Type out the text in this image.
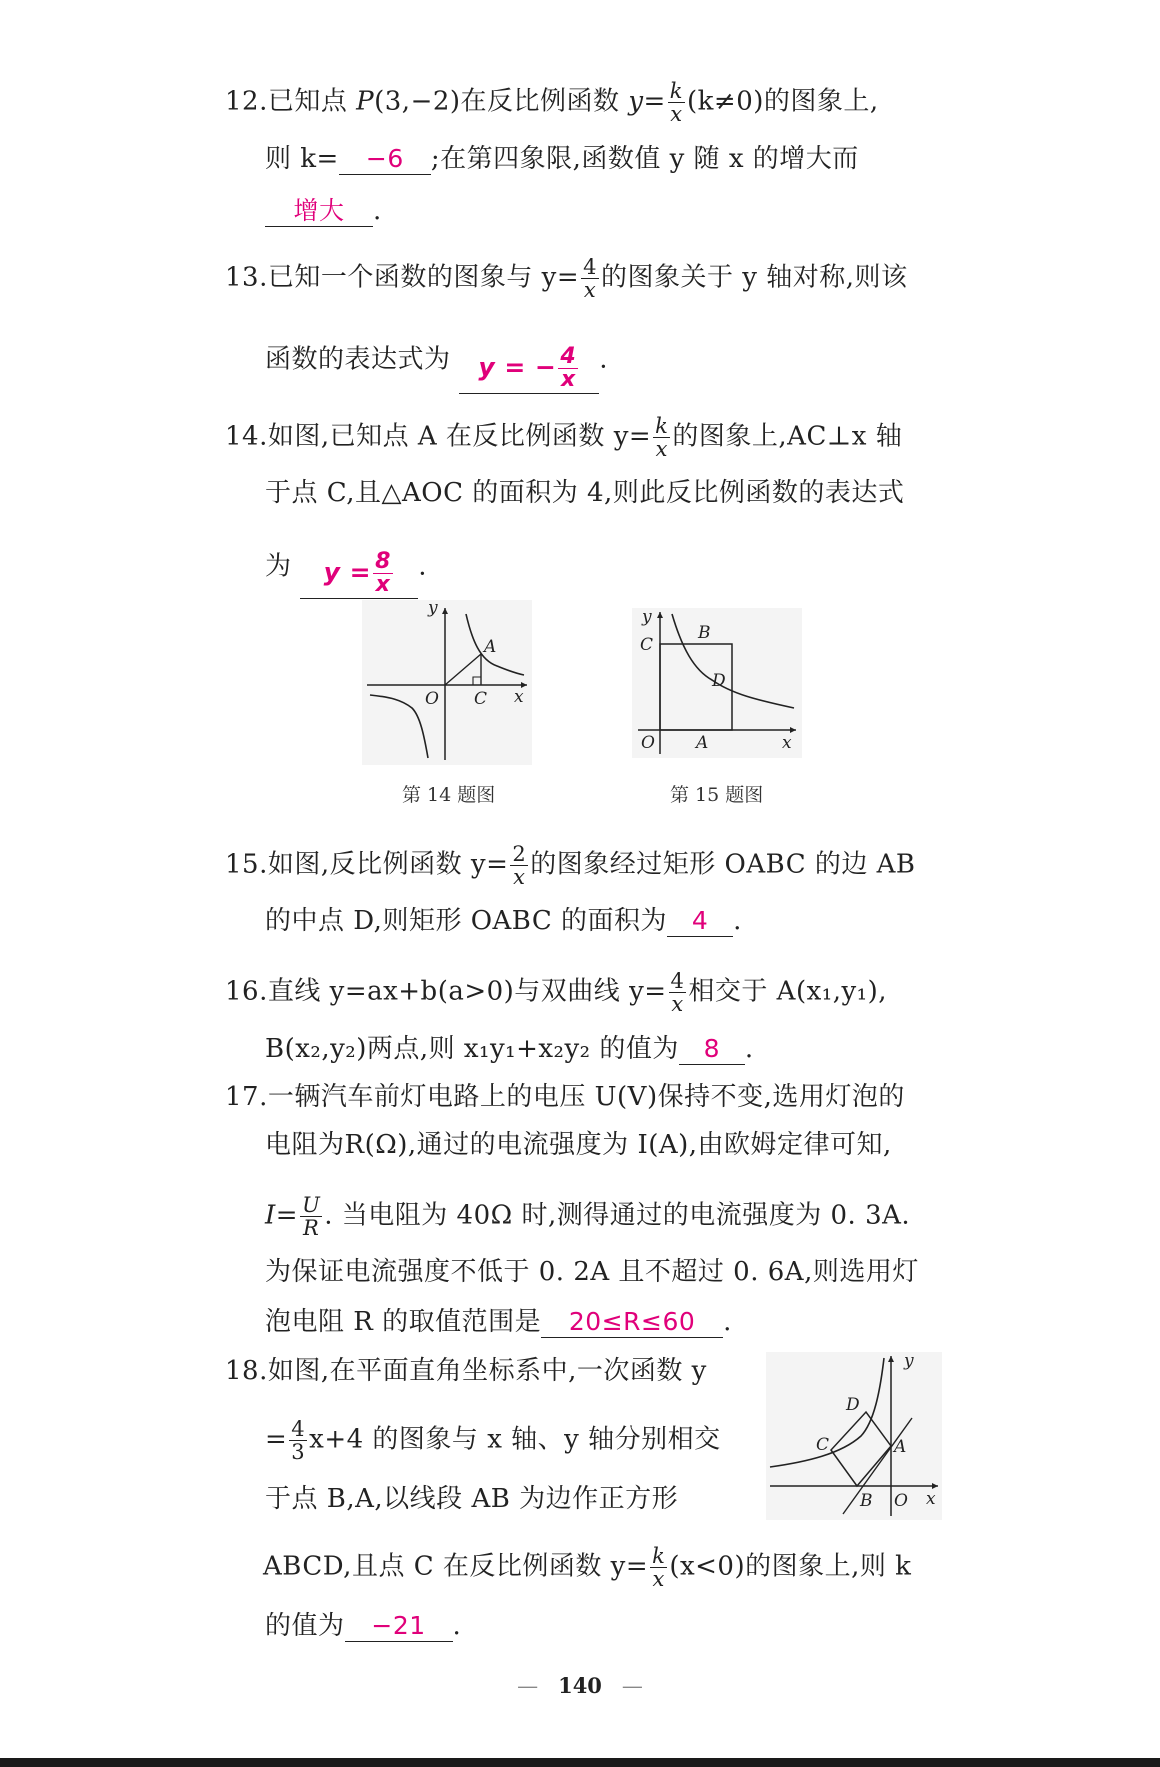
12.已知点 P(3,−2)在反比例函数 $y= \frac{k}{x} (k\ne 0)$的图象上,
则 k= −6 ;在第四象限,函数值 y 随 x 的增大而
增大 .
13.已知一个函数的图象与 $y= \frac{4}{x}$ 的图象关于 y 轴对称,则该
函数的表达式为 y = − $\frac{4}{x}$ .
14.如图,已知点 A 在反比例函数 $y= \frac{k}{x}$ 的图象上,AC⊥x 轴
于点 C,且△AOC 的面积为 4,则此反比例函数的表达式
为 $y = \frac{8}{x}$ .
y
A
O C x
第 14 题图
y
C
B
D
O A	x
第 15 题图
15.如图,反比例函数 $y= \frac{2}{x}$ 的图象经过矩形 OABC 的边 AB
的中点 D,则矩形 OABC 的面积为 4 .
16.直线 y=ax+b(a>0)与双曲线 $y= \frac{4}{x}$ 相交于 A(x₁,y₁),
B(x₂,y₂)两点,则 x₁y₁+x₂y₂ 的值为 8 .
17.一辆汽车前灯电路上的电压 U(V)保持不变,选用灯泡的
电阻为R(Ω),通过的电流强度为 I(A),由欧姆定律可知,
$I= \frac{U}{R}$ . 当电阻为 40Ω 时,测得通过的电流强度为 0. 3A.
为保证电流强度不低于 0. 2A 且不超过 0. 6A,则选用灯
泡电阻 R 的取值范围是 20≤R≤60 .
18.如图,在平面直角坐标系中,一次函数 y
= $\frac{4}{3} x+4$ 的图象与 x 轴、y 轴分别相交
于点 B,A,以线段 AB 为边作正方形
ABCD,且点 C 在反比例函数 $y= \frac{k}{x} (x<0)$的图象上,则 k
的值为 −21 .
y
D
C	A
B O x
— 140 —
